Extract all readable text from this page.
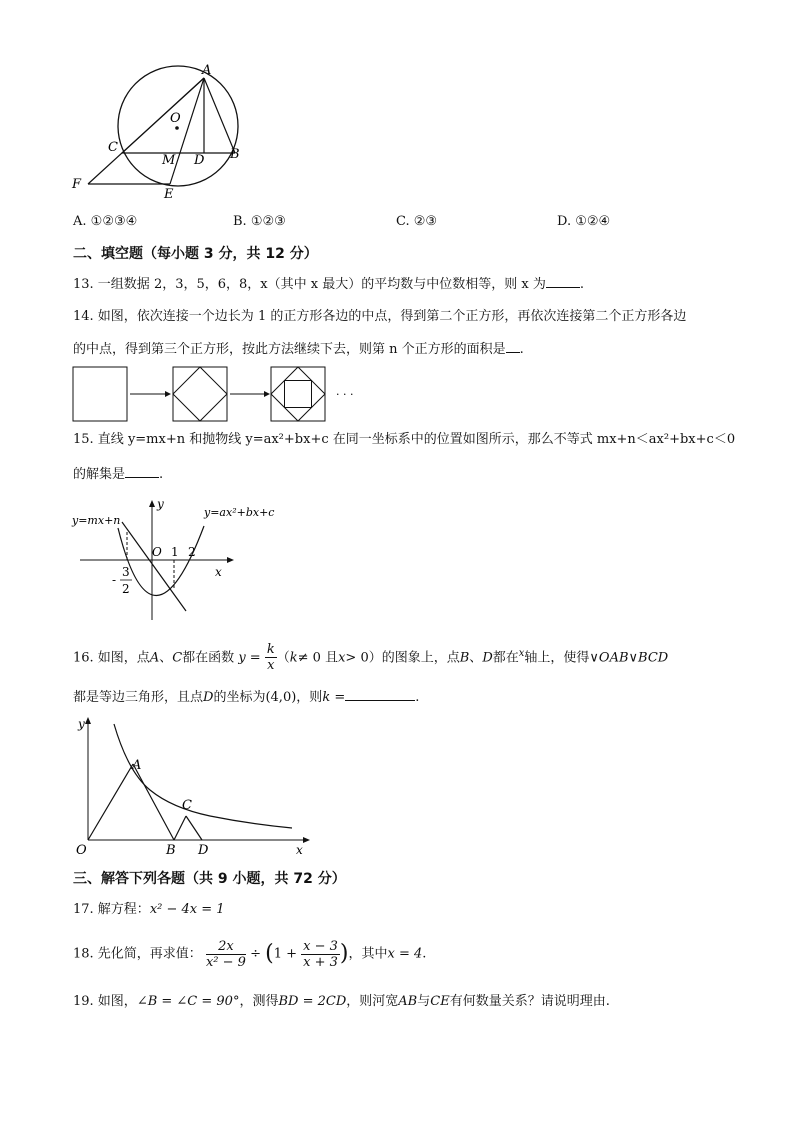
A
O
C
M D B
F
E
A. ①②③④	B. ①②③	C. ②③	D. ①②④
二、填空题（每小题 3 分，共 12 分）
13. 一组数据 2，3，5，6，8，x（其中 x 最大）的平均数与中位数相等，则 x 为	.
14. 如图，依次连接一个边长为 1 的正方形各边的中点，得到第二个正方形，再依次连接第二个正方形各边
的中点，得到第三个正方形，按此方法继续下去，则第 n 个正方形的面积是 .
· · ·
15. 直线 y=mx+n 和抛物线 y=ax²+bx+c 在同一坐标系中的位置如图所示，那么不等式 mx+n＜ax²+bx+c＜0
的解集是	.
y
x
O 1 2
y=mx+n
y=ax²+bx+c
-
3
2
16. 如图，点A、C都在函数 $y = \frac{k}{x} (k\ne 0$ 且x> 0）的图象上，点B、D都在$^x$轴上，使得∨OAB∨BCD
都是等边三角形，且点D的坐标为(4,0)，则k =	.
y
x
O
A
C
B D
三、解答下列各题（共 9 小题，共 72 分）
17. 解方程：x² − 4x = 1
18. 先化简，再求值： $\frac{2x}{\text{x² − 9}} \div (1 + \frac{x - 3}{x + 3}$ )，其中x = 4.
19. 如图，∠B = ∠C = 90°，测得BD = 2CD，则河宽AB与CE有何数量关系？请说明理由.
